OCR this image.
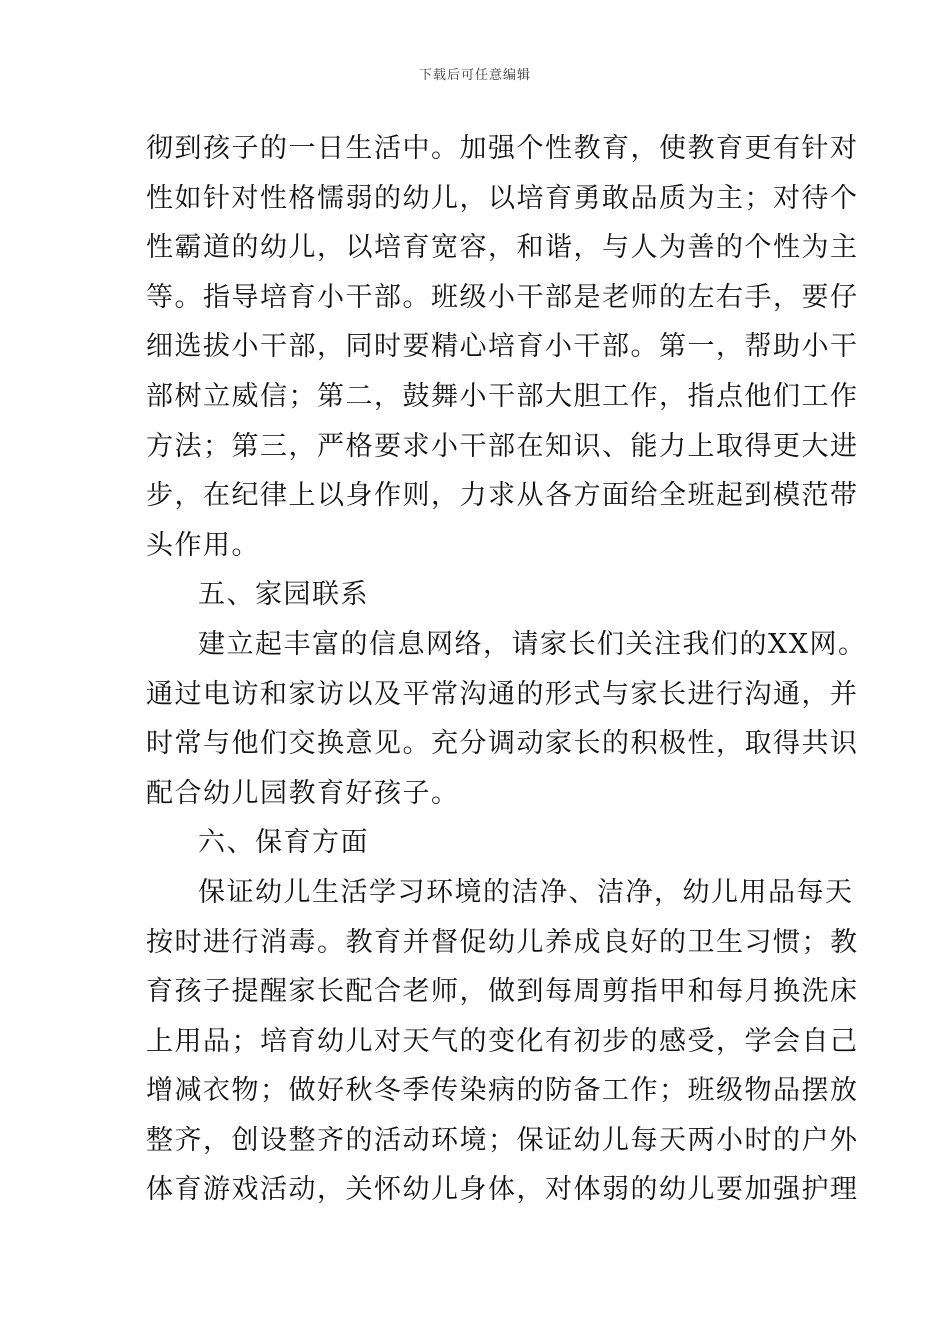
下载后可任意编辑
彻到孩子的一日生活中。加强个性教育，使教育更有针对
性如针对性格懦弱的幼儿，以培育勇敢品质为主；对待个
性霸道的幼儿，以培育宽容，和谐，与人为善的个性为主
等。指导培育小干部。班级小干部是老师的左右手，要仔
细选拔小干部，同时要精心培育小干部。第一，帮助小干
部树立威信；第二，鼓舞小干部大胆工作，指点他们工作
方法；第三，严格要求小干部在知识、能力上取得更大进
步，在纪律上以身作则，力求从各方面给全班起到模范带
头作用。
五、家园联系
建立起丰富的信息网络，请家长们关注我们的XX网。
通过电访和家访以及平常沟通的形式与家长进行沟通，并
时常与他们交换意见。充分调动家长的积极性，取得共识
配合幼儿园教育好孩子。
六、保育方面
保证幼儿生活学习环境的洁净、洁净，幼儿用品每天
按时进行消毒。教育并督促幼儿养成良好的卫生习惯；教
育孩子提醒家长配合老师，做到每周剪指甲和每月换洗床
上用品；培育幼儿对天气的变化有初步的感受，学会自己
增减衣物；做好秋冬季传染病的防备工作；班级物品摆放
整齐，创设整齐的活动环境；保证幼儿每天两小时的户外
体育游戏活动，关怀幼儿身体，对体弱的幼儿要加强护理
